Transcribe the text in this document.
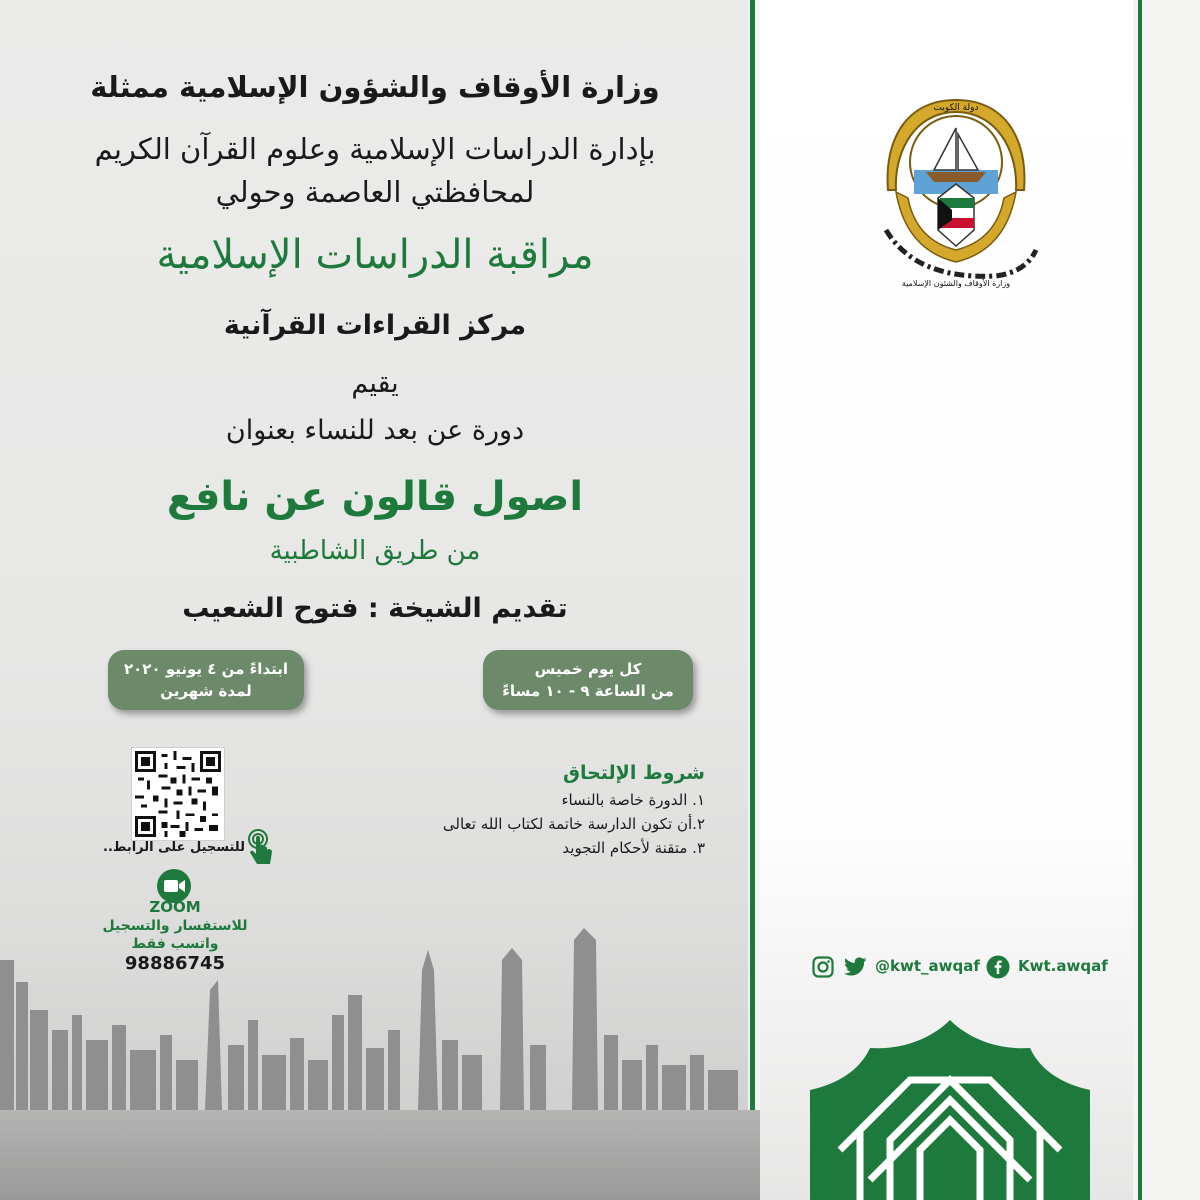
دولة الكويت
وزارة الأوقاف والشئون الإسلامية
وزارة الأوقاف والشؤون الإسلامية ممثلة
بإدارة الدراسات الإسلامية وعلوم القرآن الكريم
لمحافظتي العاصمة وحولي
مراقبة الدراسات الإسلامية
مركز القراءات القرآنية
يقيم
دورة عن بعد للنساء بعنوان
اصول قالون عن نافع
من طريق الشاطبية
تقديم الشيخة : فتوح الشعيب
كل يوم خميس
من الساعة ٩ - ١٠ مساءً
ابتداءً من ٤ يونيو ٢٠٢٠
لمدة شهرين
شروط الإلتحاق
١. الدورة خاصة بالنساء
٢.أن تكون الدارسة خاتمة لكتاب الله تعالى
٣. متقنة لأحكام التجويد
للتسجيل على الرابط..
ZOOM
للاستفسار والتسجيل
واتسب فقط
98886745	@kwt_awqaf	Kwt.awqaf
